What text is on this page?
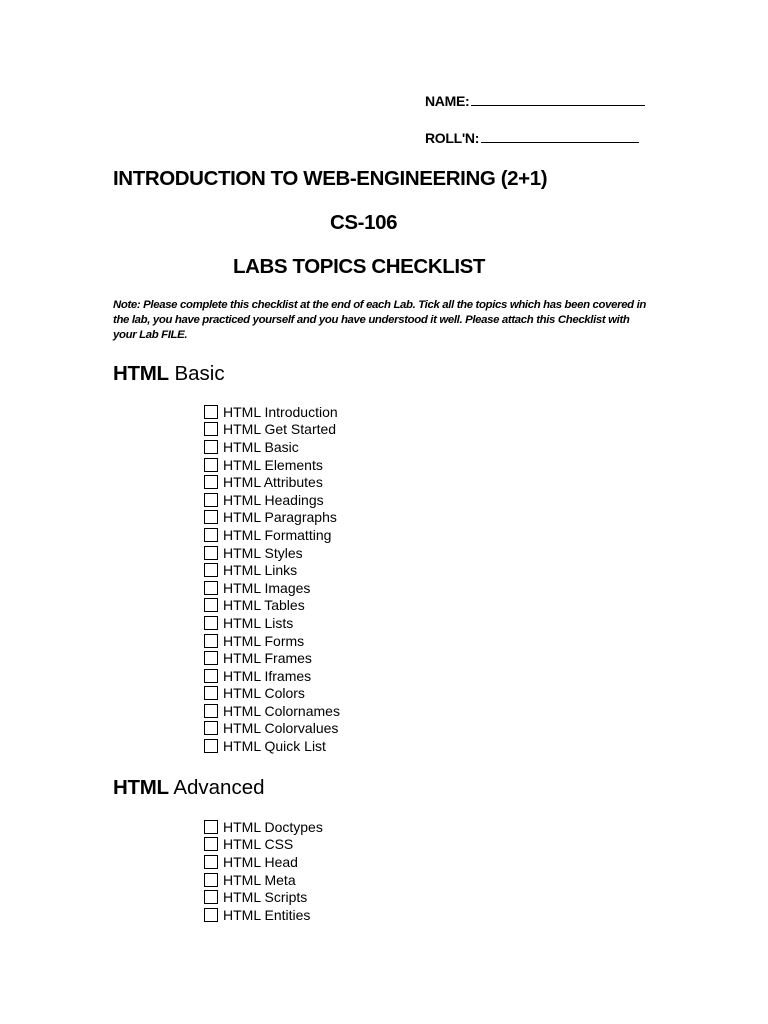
NAME:
ROLL'N:
INTRODUCTION TO WEB-ENGINEERING (2+1)
CS-106
LABS TOPICS CHECKLIST
Note: Please complete this checklist at the end of each Lab. Tick all the topics which has been covered in the lab, you have practiced yourself and you have understood it well. Please attach this Checklist with your Lab FILE.
HTML Basic
HTML Introduction
HTML Get Started
HTML Basic
HTML Elements
HTML Attributes
HTML Headings
HTML Paragraphs
HTML Formatting
HTML Styles
HTML Links
HTML Images
HTML Tables
HTML Lists
HTML Forms
HTML Frames
HTML Iframes
HTML Colors
HTML Colornames
HTML Colorvalues
HTML Quick List
HTML Advanced
HTML Doctypes
HTML CSS
HTML Head
HTML Meta
HTML Scripts
HTML Entities
